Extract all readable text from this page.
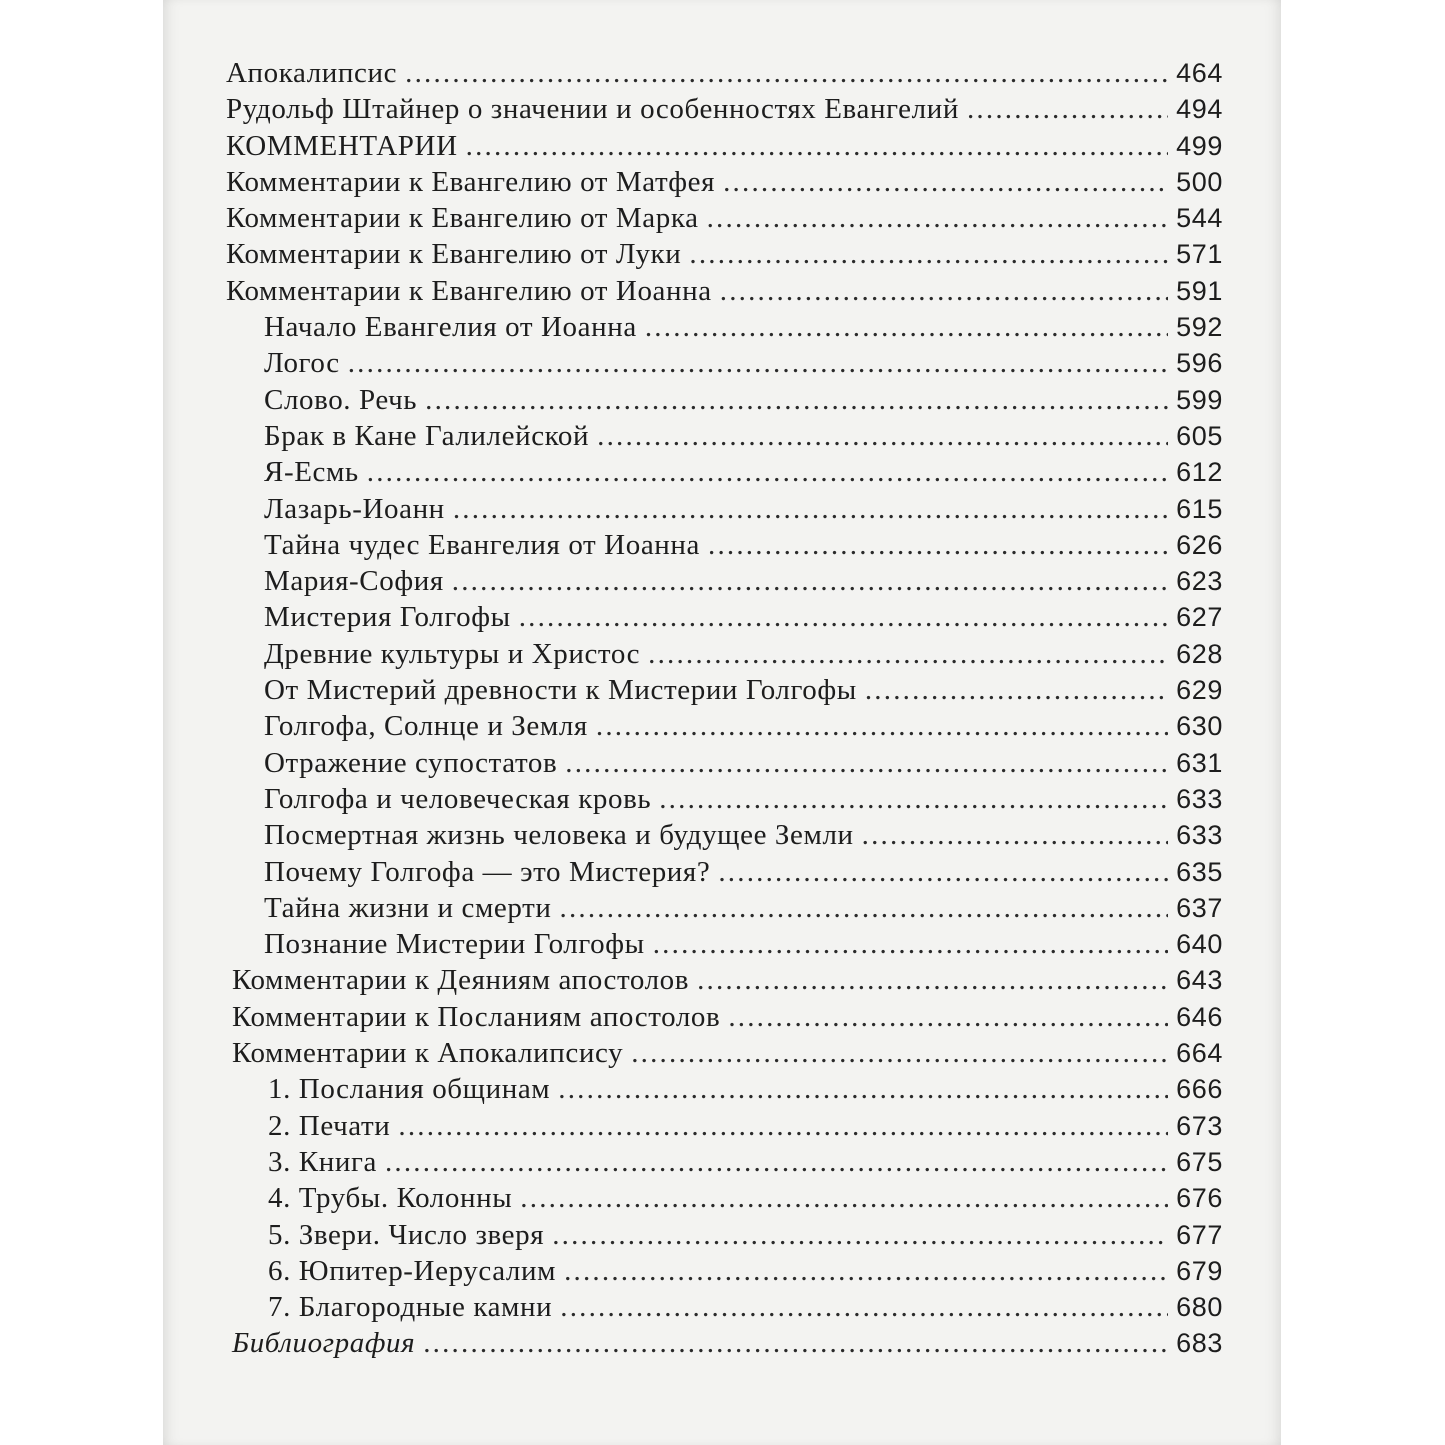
Апокалипсис .....	464
Рудольф Штайнер о значении и особенностях Евангелий .....	494
КОММЕНТАРИИ .....	499
Комментарии к Евангелию от Матфея .....	500
Комментарии к Евангелию от Марка .....	544
Комментарии к Евангелию от Луки .....	571
Комментарии к Евангелию от Иоанна .....	591
Начало Евангелия от Иоанна .....	592
Логос .....	596
Слово. Речь .....	599
Брак в Кане Галилейской .....	605
Я-Есмь .....	612
Лазарь-Иоанн .....	615
Тайна чудес Евангелия от Иоанна .....	626
Мария-София .....	623
Мистерия Голгофы .....	627
Древние культуры и Христос .....	628
От Мистерий древности к Мистерии Голгофы .....	629
Голгофа, Солнце и Земля .....	630
Отражение супостатов .....	631
Голгофа и человеческая кровь .....	633
Посмертная жизнь человека и будущее Земли .....	633
Почему Голгофа — это Мистерия? .....	635
Тайна жизни и смерти .....	637
Познание Мистерии Голгофы .....	640
Комментарии к Деяниям апостолов .....	643
Комментарии к Посланиям апостолов .....	646
Комментарии к Апокалипсису .....	664
1. Послания общинам .....	666
2. Печати .....	673
3. Книга .....	675
4. Трубы. Колонны .....	676
5. Звери. Число зверя .....	677
6. Юпитер-Иерусалим .....	679
7. Благородные камни .....	680
Библиография .....	683
